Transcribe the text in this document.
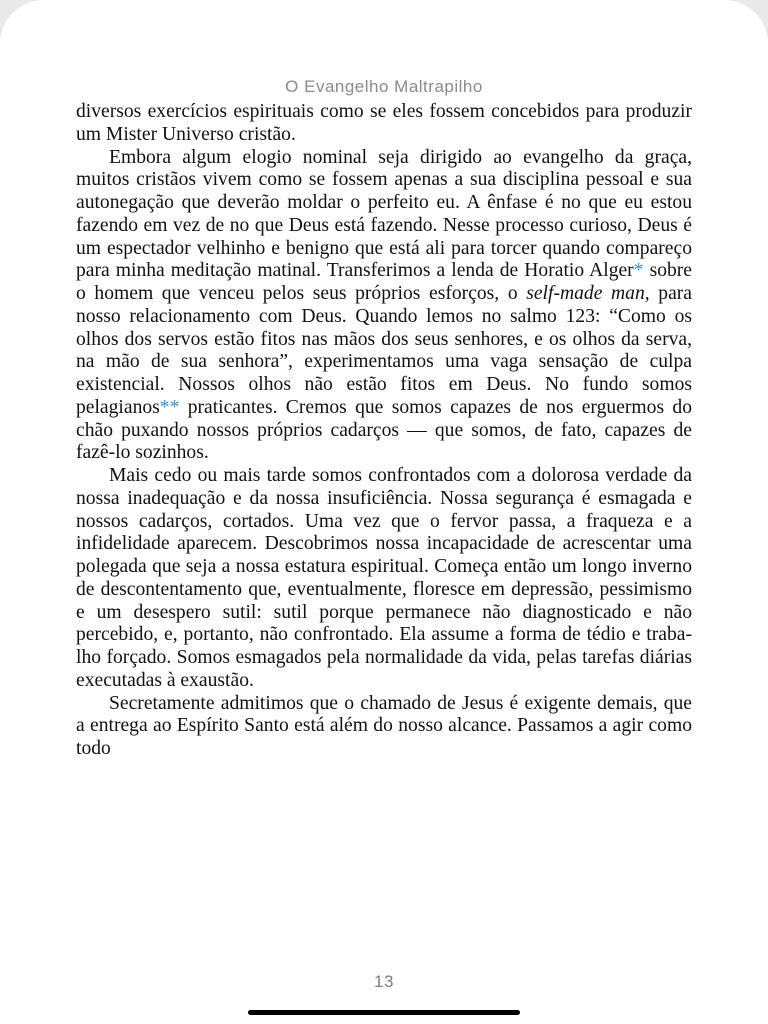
O Evangelho Maltrapilho

diversos exercícios espirituais como se eles fossem concebidos para produzir um Mister Universo cristão.

Embora algum elogio nominal seja dirigido ao evangelho da graça, muitos cristãos vivem como se fossem apenas a sua disciplina pessoal e sua autonegação que deverão moldar o perfeito eu. A ênfase é no que eu estou fazendo em vez de no que Deus está fazendo. Nesse processo curioso, Deus é um espectador velhinho e benigno que está ali para torcer quando compareço para minha meditação matinal. Transferimos a lenda de Horatio Alger* sobre o homem que venceu pelos seus próprios esforços, o self-made man, para nosso relacionamento com Deus. Quando lemos no salmo 123: “Como os olhos dos servos estão fitos nas mãos dos seus senhores, e os olhos da serva, na mão de sua senhora”, experimentamos uma vaga sensação de culpa existencial. Nossos olhos não estão fitos em Deus. No fundo somos pelagianos** praticantes. Cremos que somos capazes de nos erguermos do chão puxando nossos próprios cadarços — que somos, de fato, capazes de fazê-lo sozinhos.

Mais cedo ou mais tarde somos confrontados com a dolorosa verdade da nossa inadequação e da nossa insuficiência. Nossa segurança é esmagada e nossos cadarços, cortados. Uma vez que o fervor passa, a fraqueza e a infidelidade aparecem. Descobrimos nossa incapacidade de acrescentar uma polegada que seja a nossa estatura espiritual. Começa então um longo inverno de descontentamento que, eventualmente, floresce em depressão, pessimismo e um desespero sutil: sutil porque permanece não diagnosticado e não percebido, e, portanto, não confrontado. Ela assume a forma de tédio e trabalho forçado. Somos esmagados pela normalidade da vida, pelas tarefas diárias executadas à exaustão.

Secretamente admitimos que o chamado de Jesus é exigente demais, que a entrega ao Espírito Santo está além do nosso alcance. Passamos a agir como todo

13
